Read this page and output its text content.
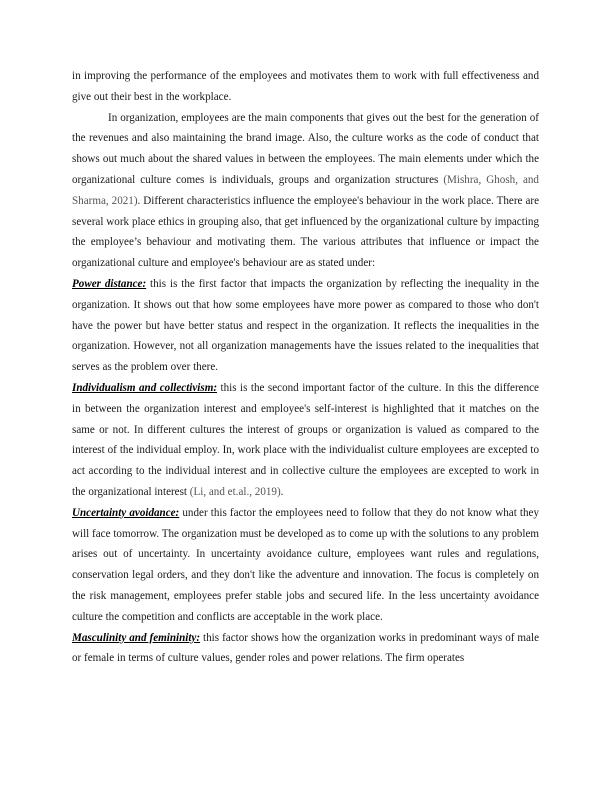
in improving the performance of the employees and motivates them to work with full effectiveness and give out their best in the workplace.

In organization, employees are the main components that gives out the best for the generation of the revenues and also maintaining the brand image. Also, the culture works as the code of conduct that shows out much about the shared values in between the employees. The main elements under which the organizational culture comes is individuals, groups and organization structures (Mishra, Ghosh, and Sharma, 2021). Different characteristics influence the employee's behaviour in the work place. There are several work place ethics in grouping also, that get influenced by the organizational culture by impacting the employee’s behaviour and motivating them. The various attributes that influence or impact the organizational culture and employee's behaviour are as stated under:

Power distance: this is the first factor that impacts the organization by reflecting the inequality in the organization. It shows out that how some employees have more power as compared to those who don't have the power but have better status and respect in the organization. It reflects the inequalities in the organization. However, not all organization managements have the issues related to the inequalities that serves as the problem over there.

Individualism and collectivism: this is the second important factor of the culture. In this the difference in between the organization interest and employee's self-interest is highlighted that it matches on the same or not. In different cultures the interest of groups or organization is valued as compared to the interest of the individual employ. In, work place with the individualist culture employees are excepted to act according to the individual interest and in collective culture the employees are excepted to work in the organizational interest (Li, and et.al., 2019).

Uncertainty avoidance: under this factor the employees need to follow that they do not know what they will face tomorrow. The organization must be developed as to come up with the solutions to any problem arises out of uncertainty. In uncertainty avoidance culture, employees want rules and regulations, conservation legal orders, and they don't like the adventure and innovation. The focus is completely on the risk management, employees prefer stable jobs and secured life. In the less uncertainty avoidance culture the competition and conflicts are acceptable in the work place.

Masculinity and femininity: this factor shows how the organization works in predominant ways of male or female in terms of culture values, gender roles and power relations. The firm operates
